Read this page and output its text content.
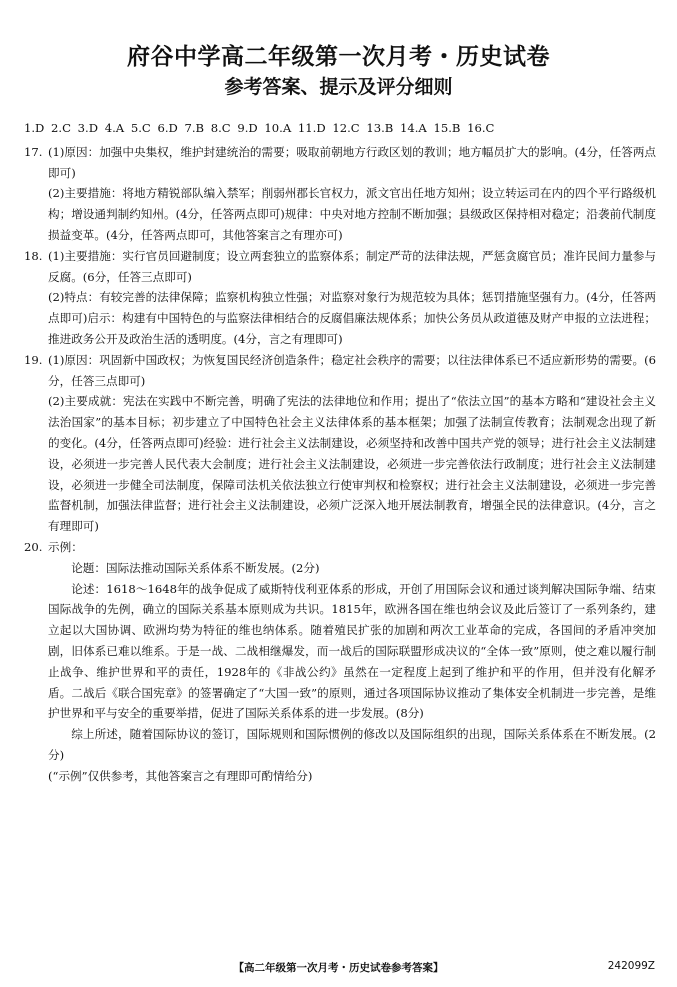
府谷中学高二年级第一次月考・历史试卷
参考答案、提示及评分细则
1.D 2.C 3.D 4.A 5.C 6.D 7.B 8.C 9.D 10.A 11.D 12.C 13.B 14.A 15.B 16.C
17. (1)原因：加强中央集权，维护封建统治的需要；吸取前朝地方行政区划的教训；地方幅员扩大的影响。(4分，任答两点即可)
(2)主要措施：将地方精锐部队编入禁军；削弱州郡长官权力，派文官出任地方知州；设立转运司在内的四个平行路级机构；增设通判制约知州。(4分，任答两点即可)规律：中央对地方控制不断加强；县级政区保持相对稳定；沿袭前代制度损益变革。(4分，任答两点即可，其他答案言之有理亦可)
18. (1)主要措施：实行官员回避制度；设立两套独立的监察体系；制定严苛的法律法规，严惩贪腐官员；准许民间力量参与反腐。(6分，任答三点即可)
(2)特点：有较完善的法律保障；监察机构独立性强；对监察对象行为规范较为具体；惩罚措施坚强有力。(4分，任答两点即可)启示：构建有中国特色的与监察法律相结合的反腐倡廉法规体系；加快公务员从政道德及财产申报的立法进程；推进政务公开及政治生活的透明度。(4分，言之有理即可)
19. (1)原因：巩固新中国政权；为恢复国民经济创造条件；稳定社会秩序的需要；以往法律体系已不适应新形势的需要。(6分，任答三点即可)
(2)主要成就：宪法在实践中不断完善，明确了宪法的法律地位和作用；提出了“依法立国”的基本方略和“建设社会主义法治国家”的基本目标；初步建立了中国特色社会主义法律体系的基本框架；加强了法制宣传教育；法制观念出现了新的变化。(4分，任答两点即可)经验：进行社会主义法制建设，必须坚持和改善中国共产党的领导；进行社会主义法制建设，必须进一步完善人民代表大会制度；进行社会主义法制建设，必须进一步完善依法行政制度；进行社会主义法制建设，必须进一步健全司法制度，保障司法机关依法独立行使审判权和检察权；进行社会主义法制建设，必须进一步完善监督机制，加强法律监督；进行社会主义法制建设，必须广泛深入地开展法制教育，增强全民的法律意识。(4分，言之有理即可)
20. 示例：
论题：国际法推动国际关系体系不断发展。(2分)
论述：1618～1648年的战争促成了威斯特伐利亚体系的形成，开创了用国际会议和通过谈判解决国际争端、结束国际战争的先例，确立的国际关系基本原则成为共识。1815年，欧洲各国在维也纳会议及此后签订了一系列条约，建立起以大国协调、欧洲均势为特征的维也纳体系。随着殖民扩张的加剧和两次工业革命的完成，各国间的矛盾冲突加剧，旧体系已难以维系。于是一战、二战相继爆发，而一战后的国际联盟形成决议的“全体一致”原则，使之难以履行制止战争、维护世界和平的责任，1928年的《非战公约》虽然在一定程度上起到了维护和平的作用，但并没有化解矛盾。二战后《联合国宪章》的签署确定了“大国一致”的原则，通过各项国际协议推动了集体安全机制进一步完善，是维护世界和平与安全的重要举措，促进了国际关系体系的进一步发展。(8分)
综上所述，随着国际协议的签订，国际规则和国际惯例的修改以及国际组织的出现，国际关系体系在不断发展。(2分)
(“示例”仅供参考，其他答案言之有理即可酌情给分)
【高二年级第一次月考・历史试卷参考答案】	242099Z
